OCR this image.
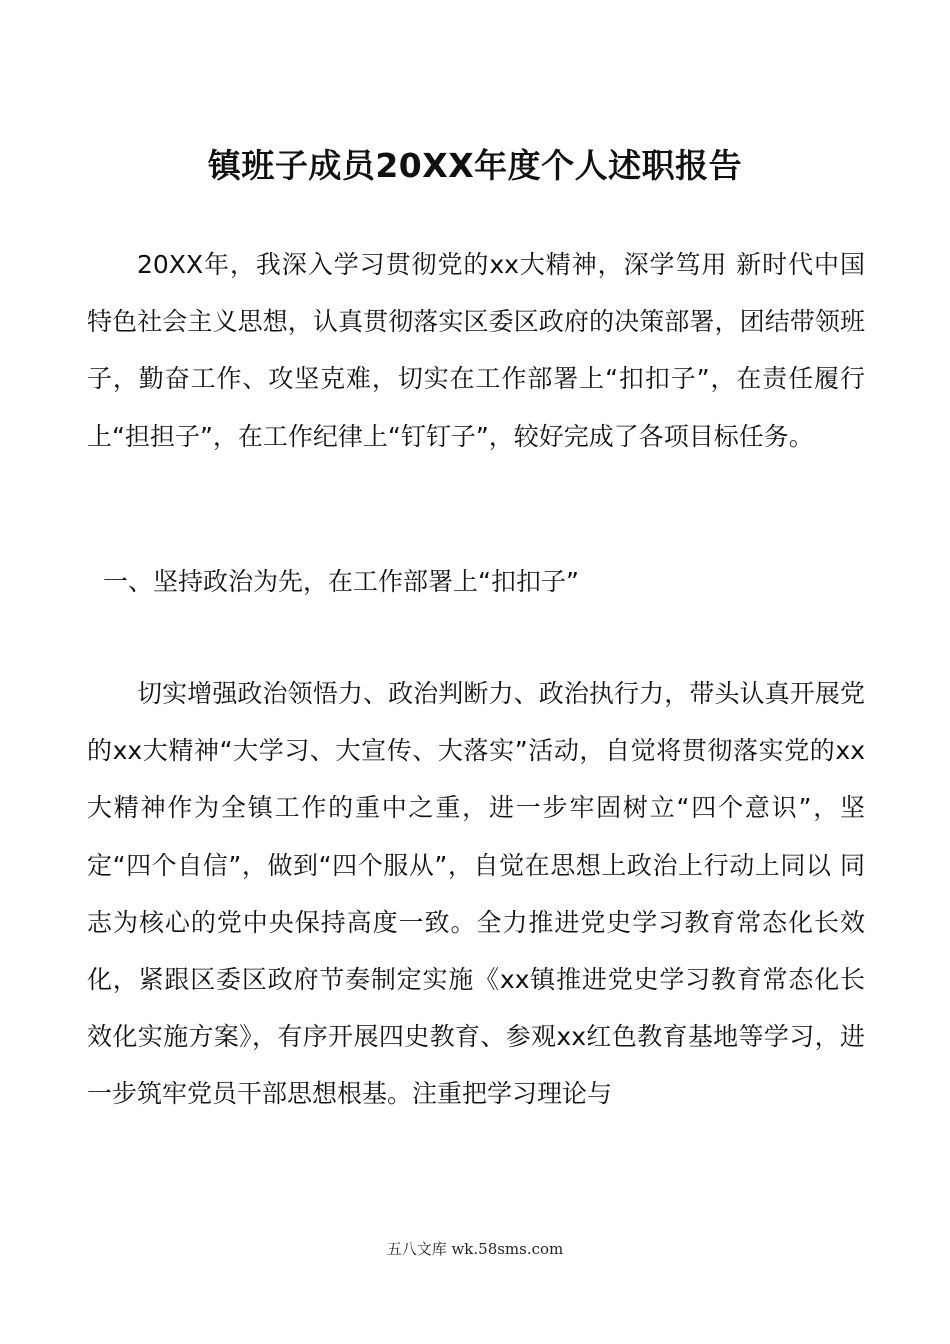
镇班子成员20XX年度个人述职报告

20XX年，我深入学习贯彻党的xx大精神，深学笃用 新时代中国特色社会主义思想，认真贯彻落实区委区政府的决策部署，团结带领班子，勤奋工作、攻坚克难，切实在工作部署上“扣扣子”，在责任履行上“担担子”，在工作纪律上“钉钉子”，较好完成了各项目标任务。

一、坚持政治为先，在工作部署上“扣扣子”

切实增强政治领悟力、政治判断力、政治执行力，带头认真开展党的xx大精神“大学习、大宣传、大落实”活动，自觉将贯彻落实党的xx大精神作为全镇工作的重中之重，进一步牢固树立“四个意识”，坚定“四个自信”，做到“四个服从”，自觉在思想上政治上行动上同以 同志为核心的党中央保持高度一致。全力推进党史学习教育常态化长效化，紧跟区委区政府节奏制定实施《xx镇推进党史学习教育常态化长效化实施方案》，有序开展四史教育、参观xx红色教育基地等学习，进一步筑牢党员干部思想根基。注重把学习理论与

五八文库 wk.58sms.com
